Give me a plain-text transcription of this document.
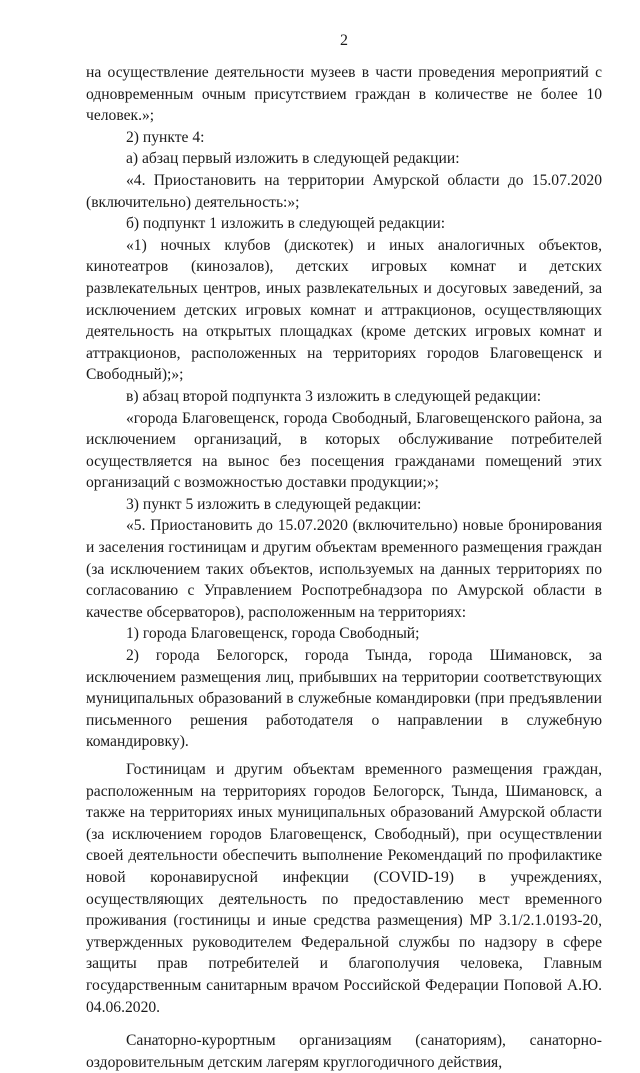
2

на осуществление деятельности музеев в части проведения мероприятий с одновременным очным присутствием граждан в количестве не более 10 человек.»;

2) пункте 4:

а) абзац первый изложить в следующей редакции:

«4. Приостановить на территории Амурской области до 15.07.2020 (включительно) деятельность:»;

б) подпункт 1 изложить в следующей редакции:

«1) ночных клубов (дискотек) и иных аналогичных объектов, кинотеатров (кинозалов), детских игровых комнат и детских развлекательных центров, иных развлекательных и досуговых заведений, за исключением детских игровых комнат и аттракционов, осуществляющих деятельность на открытых площадках (кроме детских игровых комнат и аттракционов, расположенных на территориях городов Благовещенск и Свободный);»;

в) абзац второй подпункта 3 изложить в следующей редакции:

«города Благовещенск, города Свободный, Благовещенского района, за исключением организаций, в которых обслуживание потребителей осуществляется на вынос без посещения гражданами помещений этих организаций с возможностью доставки продукции;»;

3) пункт 5 изложить в следующей редакции:

«5. Приостановить до 15.07.2020 (включительно) новые бронирования и заселения гостиницам и другим объектам временного размещения граждан (за исключением таких объектов, используемых на данных территориях по согласованию с Управлением Роспотребнадзора по Амурской области в качестве обсерваторов), расположенным на территориях:

1) города Благовещенск, города Свободный;

2) города Белогорск, города Тында, города Шимановск, за исключением размещения лиц, прибывших на территории соответствующих муниципальных образований в служебные командировки (при предъявлении письменного решения работодателя о направлении в служебную командировку).

Гостиницам и другим объектам временного размещения граждан, расположенным на территориях городов Белогорск, Тында, Шимановск, а также на территориях иных муниципальных образований Амурской области (за исключением городов Благовещенск, Свободный), при осуществлении своей деятельности обеспечить выполнение Рекомендаций по профилактике новой коронавирусной инфекции (COVID-19) в учреждениях, осуществляющих деятельность по предоставлению мест временного проживания (гостиницы и иные средства размещения) МР 3.1/2.1.0193-20, утвержденных руководителем Федеральной службы по надзору в сфере защиты прав потребителей и благополучия человека, Главным государственным санитарным врачом Российской Федерации Поповой А.Ю. 04.06.2020.

Санаторно-курортным организациям (санаториям), санаторно-оздоровительным детским лагерям круглогодичного действия,
